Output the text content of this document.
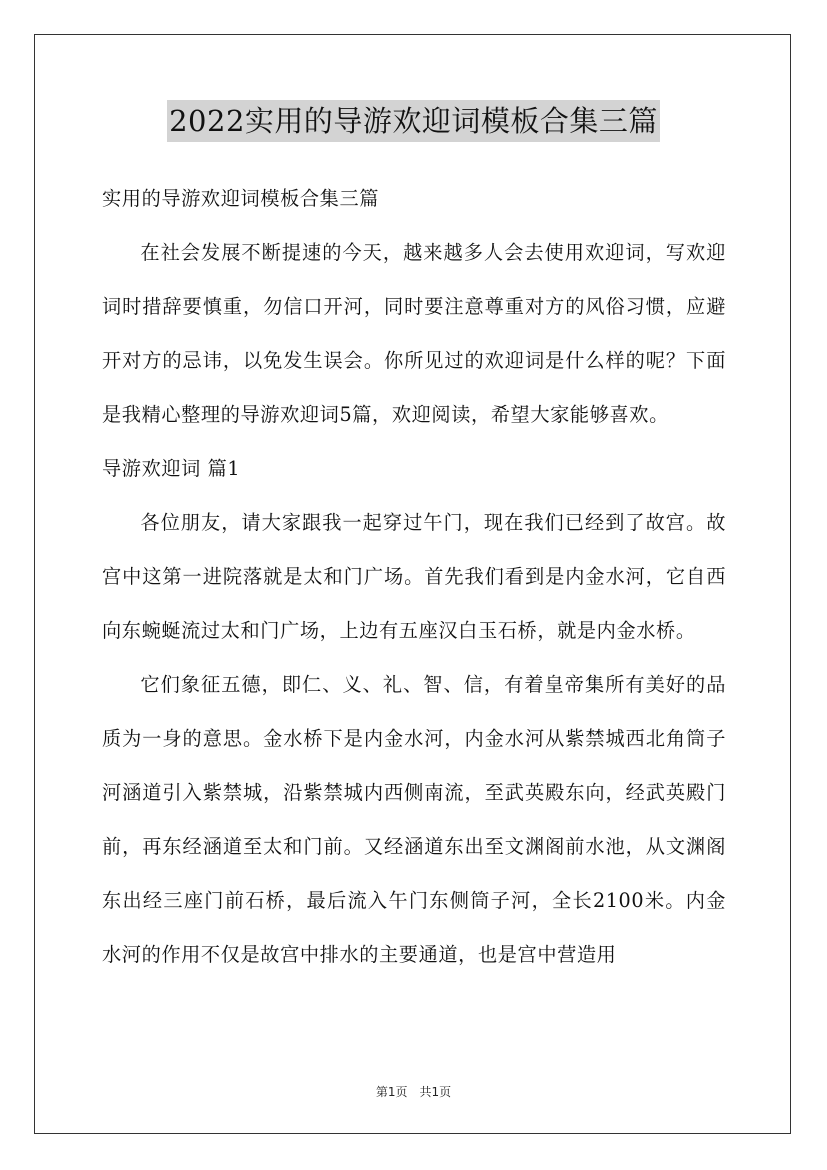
2022实用的导游欢迎词模板合集三篇

实用的导游欢迎词模板合集三篇

在社会发展不断提速的今天，越来越多人会去使用欢迎词，写欢迎词时措辞要慎重，勿信口开河，同时要注意尊重对方的风俗习惯，应避开对方的忌讳，以免发生误会。你所见过的欢迎词是什么样的呢？下面是我精心整理的导游欢迎词5篇，欢迎阅读，希望大家能够喜欢。

导游欢迎词 篇1

各位朋友，请大家跟我一起穿过午门，现在我们已经到了故宫。故宫中这第一进院落就是太和门广场。首先我们看到是内金水河，它自西向东蜿蜒流过太和门广场，上边有五座汉白玉石桥，就是内金水桥。

它们象征五德，即仁、义、礼、智、信，有着皇帝集所有美好的品质为一身的意思。金水桥下是内金水河，内金水河从紫禁城西北角筒子河涵道引入紫禁城，沿紫禁城内西侧南流，至武英殿东向，经武英殿门前，再东经涵道至太和门前。又经涵道东出至文渊阁前水池，从文渊阁东出经三座门前石桥，最后流入午门东侧筒子河，全长2100米。内金水河的作用不仅是故宫中排水的主要通道，也是宫中营造用

第1页 共1页
